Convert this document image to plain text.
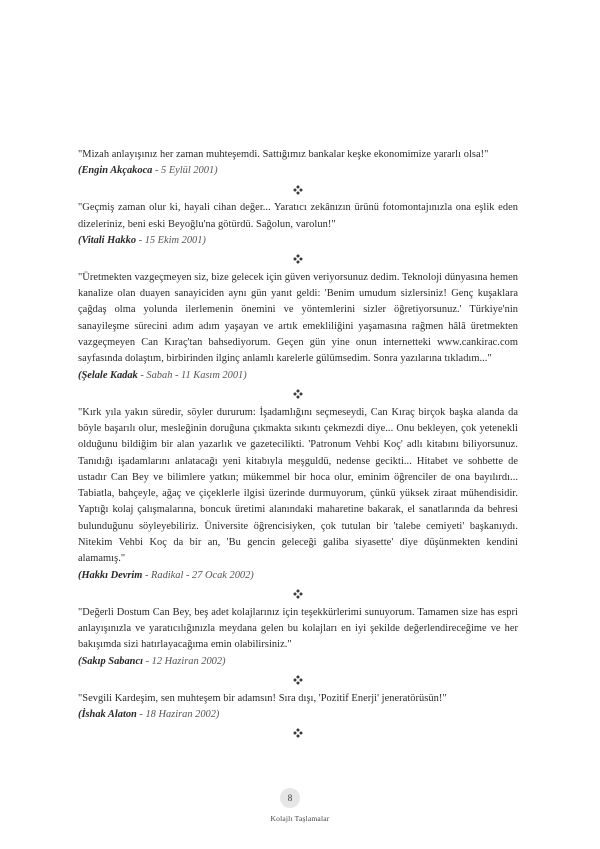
"Mizah anlayışınız her zaman muhteşemdi. Sattığımız bankalar keşke ekonomimize yararlı olsa!"

(Engin Akçakoca - 5 Eylül 2001)

"Geçmiş zaman olur ki, hayali cihan değer... Yaratıcı zekânızın ürünü fotomontajınızla ona eşlik eden dizeleriniz, beni eski Beyoğlu'na götürdü. Sağolun, varolun!"

(Vitali Hakko - 15 Ekim 2001)

"Üretmekten vazgeçmeyen siz, bize gelecek için güven veriyorsunuz dedim. Teknoloji dünyasına hemen kanalize olan duayen sanayiciden aynı gün yanıt geldi: 'Benim umudum sizlersiniz! Genç kuşaklara çağdaş olma yolunda ilerlemenin önemini ve yöntemlerini sizler öğretiyorsunuz.' Türkiye'nin sanayileşme sürecini adım adım yaşayan ve artık emekliliğini yaşamasına rağmen hâlâ üretmekten vazgeçmeyen Can Kıraç'tan bahsediyorum. Geçen gün yine onun internetteki www.cankirac.com sayfasında dolaştım, birbirinden ilginç anlamlı karelerle gülümsedim. Sonra yazılarına tıkladım..."

(Şelale Kadak - Sabah - 11 Kasım 2001)

"Kırk yıla yakın süredir, söyler dururum: İşadamlığını seçmeseydi, Can Kıraç birçok başka alanda da böyle başarılı olur, mesleğinin doruğuna çıkmakta sıkıntı çekmezdi diye... Onu bekleyen, çok yetenekli olduğunu bildiğim bir alan yazarlık ve gazetecilikti. 'Patronum Vehbi Koç' adlı kitabını biliyorsunuz. Tanıdığı işadamlarını anlatacağı yeni kitabıyla meşguldü, nedense gecikti... Hitabet ve sohbette de ustadır Can Bey ve bilimlere yatkın; mükemmel bir hoca olur, eminim öğrenciler de ona bayılırdı... Tabiatla, bahçeyle, ağaç ve çiçeklerle ilgisi üzerinde durmuyorum, çünkü yüksek ziraat mühendisidir. Yaptığı kolaj çalışmalarına, boncuk üretimi alanındaki maharetine bakarak, el sanatlarında da behresi bulunduğunu söyleyebiliriz. Üniversite öğrencisiyken, çok tutulan bir 'talebe cemiyeti' başkanıydı. Nitekim Vehbi Koç da bir an, 'Bu gencin geleceği galiba siyasette' diye düşünmekten kendini alamamış."

(Hakkı Devrim - Radikal - 27 Ocak 2002)

"Değerli Dostum Can Bey, beş adet kolajlarınız için teşekkürlerimi sunuyorum. Tamamen size has espri anlayışınızla ve yaratıcılığınızla meydana gelen bu kolajları en iyi şekilde değerlendireceğime ve her bakışımda sizi hatırlayacağıma emin olabilirsiniz."

(Sakıp Sabancı - 12 Haziran 2002)

"Sevgili Kardeşim, sen muhteşem bir adamsın! Sıra dışı, 'Pozitif Enerji' jeneratörüsün!"

(İshak Alaton - 18 Haziran 2002)

8
Kolajlı Taşlamalar
